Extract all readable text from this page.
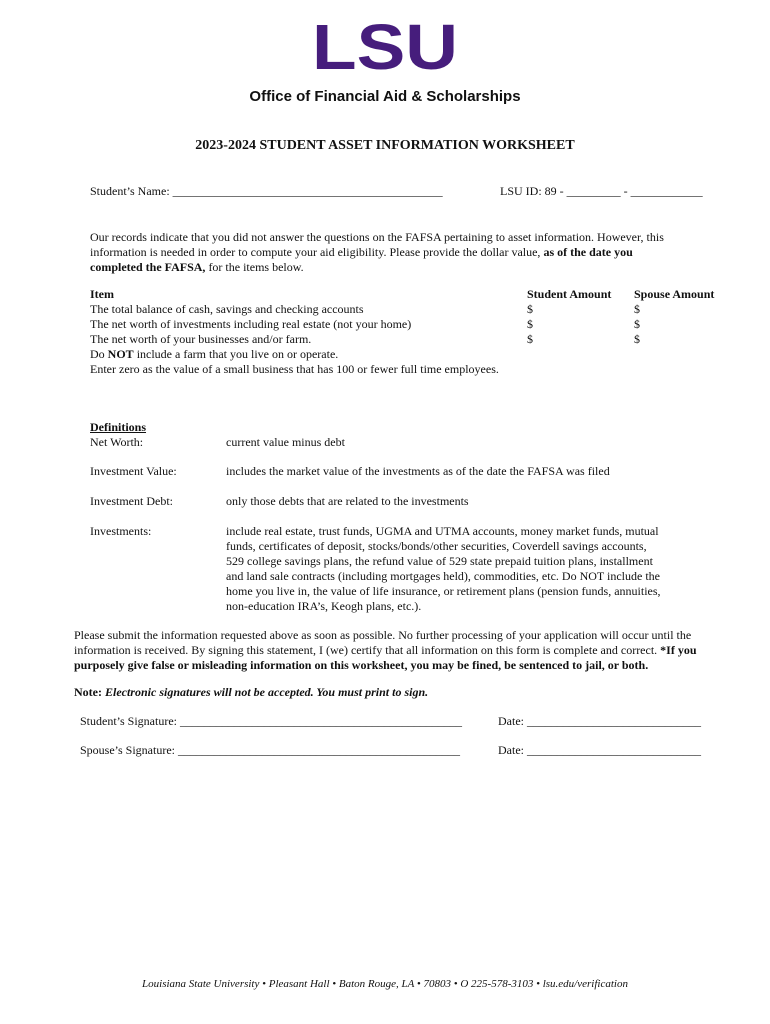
LSU
Office of Financial Aid & Scholarships
2023-2024 STUDENT ASSET INFORMATION WORKSHEET
Student’s Name: _____________________________________________	LSU ID: 89 - _________ - ____________
Our records indicate that you did not answer the questions on the FAFSA pertaining to asset information. However, this information is needed in order to compute your aid eligibility. Please provide the dollar value, as of the date you completed the FAFSA, for the items below.
Item	Student Amount Spouse Amount
The total balance of cash, savings and checking accounts	$	$
The net worth of investments including real estate (not your home)	$	$
The net worth of your businesses and/or farm.	$	$
Do NOT include a farm that you live on or operate.
Enter zero as the value of a small business that has 100 or fewer full time employees.
Definitions
Net Worth:	current value minus debt
Investment Value:	includes the market value of the investments as of the date the FAFSA was filed
Investment Debt:	only those debts that are related to the investments
Investments:	include real estate, trust funds, UGMA and UTMA accounts, money market funds, mutual funds, certificates of deposit, stocks/bonds/other securities, Coverdell savings accounts, 529 college savings plans, the refund value of 529 state prepaid tuition plans, installment and land sale contracts (including mortgages held), commodities, etc. Do NOT include the home you live in, the value of life insurance, or retirement plans (pension funds, annuities, non-education IRA’s, Keogh plans, etc.).
Please submit the information requested above as soon as possible. No further processing of your application will occur until the information is received. By signing this statement, I (we) certify that all information on this form is complete and correct. *If you purposely give false or misleading information on this worksheet, you may be fined, be sentenced to jail, or both.
Note: Electronic signatures will not be accepted. You must print to sign.
Student’s Signature: _______________________________________________	Date: _____________________________
Spouse’s Signature: _______________________________________________	Date: _____________________________
Louisiana State University • Pleasant Hall • Baton Rouge, LA • 70803 • O 225-578-3103 • lsu.edu/verification
